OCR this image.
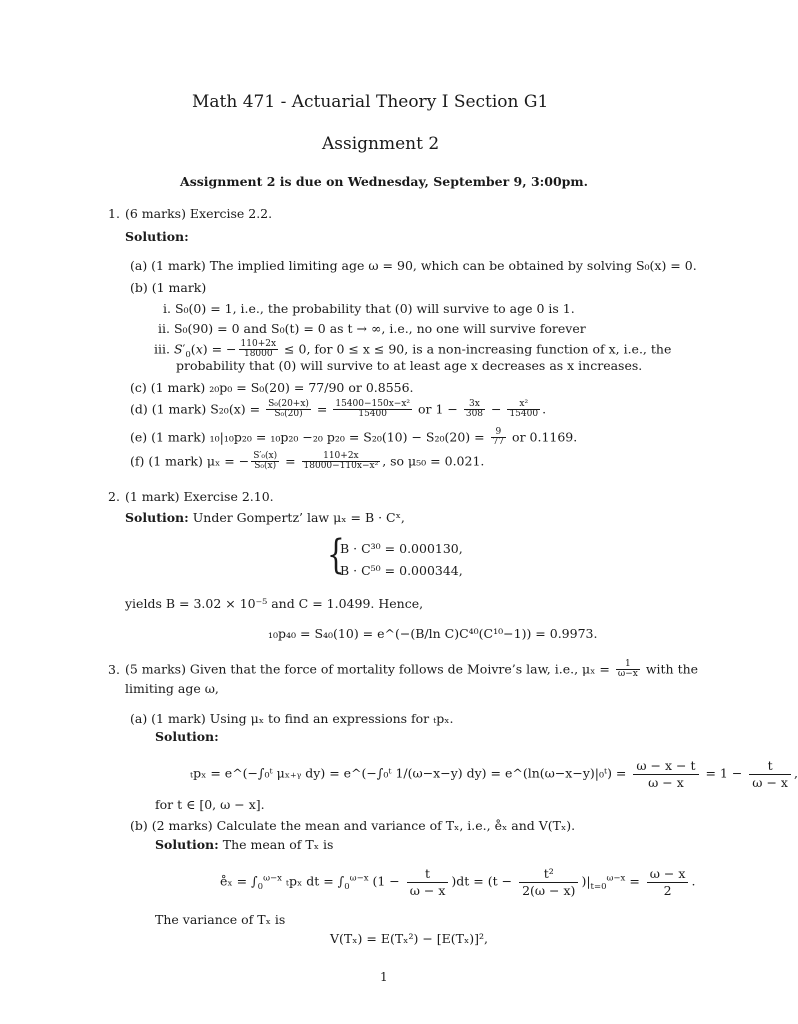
Math 471 - Actuarial Theory I Section G1
Assignment 2
Assignment 2 is due on Wednesday, September 9, 3:00pm.
1. (6 marks) Exercise 2.2.
Solution:
(a) (1 mark) The implied limiting age ω = 90, which can be obtained by solving S₀(x) = 0.
(b) (1 mark)
i. S₀(0) = 1, i.e., the probability that (0) will survive to age 0 is 1.
ii. S₀(90) = 0 and S₀(t) = 0 as t → ∞, i.e., no one will survive forever
iii. $S'_0(x)$ = − $\frac{110+2x}{18000} \le 0$, for 0 ≤ x ≤ 90, is a non-increasing function of x, i.e., the
probability that (0) will survive to at least age x decreases as x increases.
(c) (1 mark) ₂₀p₀ = S₀(20) = 77/90 or 0.8556.
(d) (1 mark) $S_{20}(x) = \frac{\text{S₀(20+x)}}{\text{S₀(20)}} = \frac{\text{15400−150x−x²}}{15400}$ or $1 - \frac{3x}{308} - \frac{\text{x²}}{15400}$ .
(e) (1 mark) ₁₀|₁₀p₂₀ = ₁₀p₂₀ −₂₀ $p_{20} = S_{20}(10) - S_{20}(20) = \frac{9}{77}$ or 0.1169.
(f) (1 mark) μₓ = − $\frac{\text{S′₀(x)}}{\text{S₀(x)}} = \frac{110+2x}{\text{18000−110x−x²}}$ , so μ₅₀ = 0.021.
2. (1 mark) Exercise 2.10.
Solution: Under Gompertz’ law μₓ = B · Cˣ,
{
B · C³⁰ = 0.000130,
B · C⁵⁰ = 0.000344,
yields B = 3.02 × 10⁻⁵ and C = 1.0499. Hence,
₁₀p₄₀ = S₄₀(10) = e^(−(B/ln C)C⁴⁰(C¹⁰−1)) = 0.9973.
3. (5 marks) Given that the force of mortality follows de Moivre’s law, i.e., $\mu_x = \frac{1}{\omega-x}$ with the
limiting age ω,
(a) (1 mark) Using μₓ to find an expressions for ₜpₓ.
Solution:
ₜpₓ = e^(−∫₀ᵗ μₓ₊ᵧ dy) = e^(−∫₀ᵗ 1/(ω−x−y) dy) = e^(ln(ω−x−y)|₀ᵗ) = $\frac{\omega - x - t}{\omega - x} = 1 - \frac{t}{\omega - x}$ ,
for t ∈ [0, ω − x].
(b) (2 marks) Calculate the mean and variance of Tₓ, i.e., e̊ₓ and V(Tₓ).
Solution: The mean of Tₓ is
e̊ₓ = $\int_0^{\omega-x}$ ₜpₓ dt = $\int_0^{\omega-x}$ $(1 - \frac{t}{\omega - x} )dt = (t - \frac{\text{t²}}{2(\omega - x)} )|_{t=0}^{\omega-x} = \frac{\omega - x}{2}$ .
The variance of Tₓ is
V(Tₓ) = E(Tₓ²) − [E(Tₓ)]²,
1
